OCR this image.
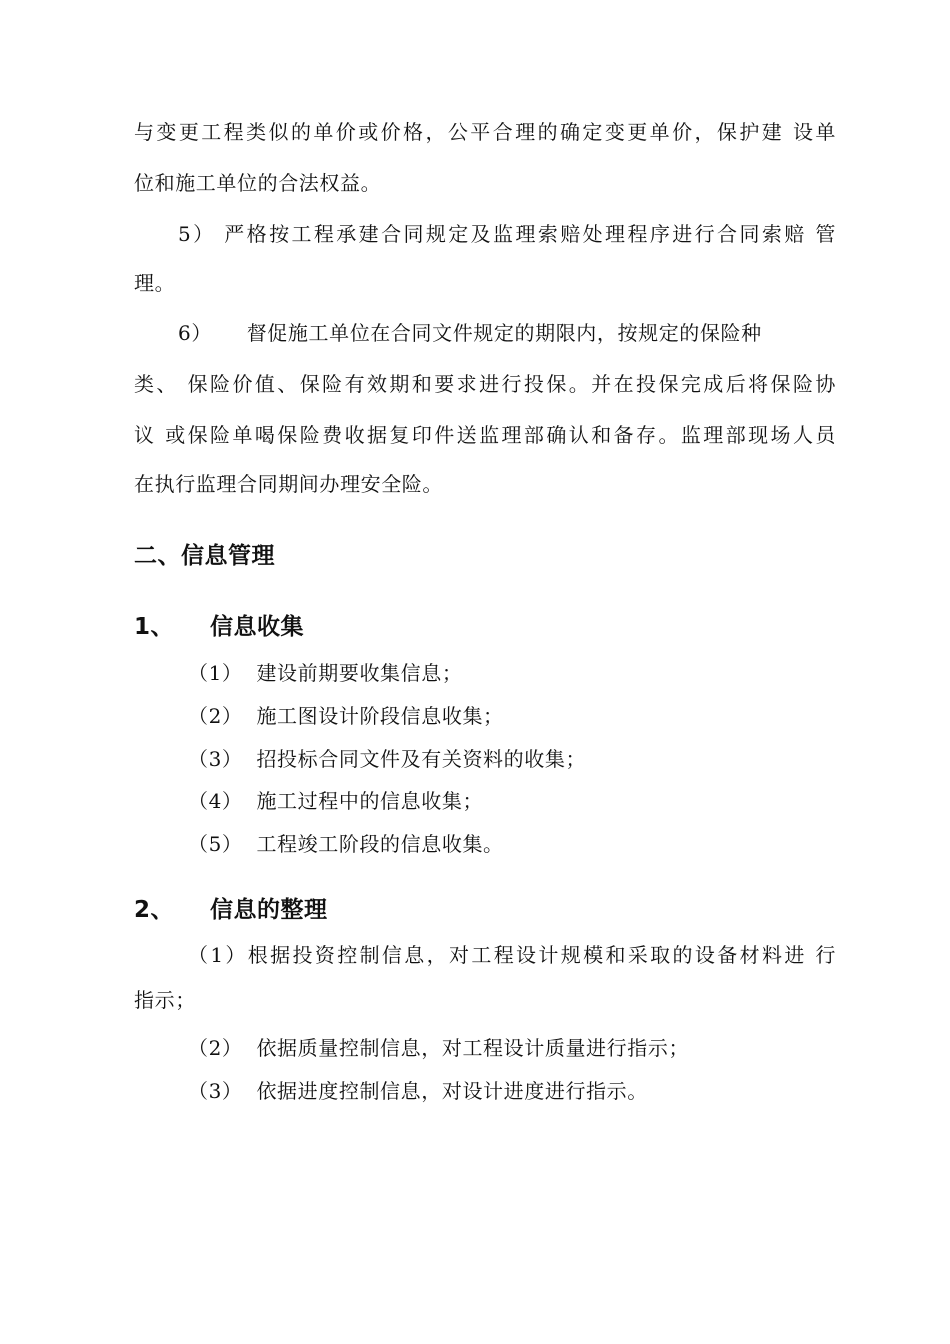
与变更工程类似的单价或价格，公平合理的确定变更单价，保护建 设单
位和施工单位的合法权益。
5） 严格按工程承建合同规定及监理索赔处理程序进行合同索赔 管
理。
6）     督促施工单位在合同文件规定的期限内，按规定的保险种
类、 保险价值、保险有效期和要求进行投保。并在投保完成后将保险协
议 或保险单喝保险费收据复印件送监理部确认和备存。监理部现场人员
在执行监理合同期间办理安全险。
二、信息管理
1、 信息收集
（1）  建设前期要收集信息；
（2）  施工图设计阶段信息收集；
（3）  招投标合同文件及有关资料的收集；
（4）  施工过程中的信息收集；
（5）  工程竣工阶段的信息收集。
2、 信息的整理
（1）根据投资控制信息，对工程设计规模和采取的设备材料进 行
指示；
（2）  依据质量控制信息，对工程设计质量进行指示；
（3）  依据进度控制信息，对设计进度进行指示。
